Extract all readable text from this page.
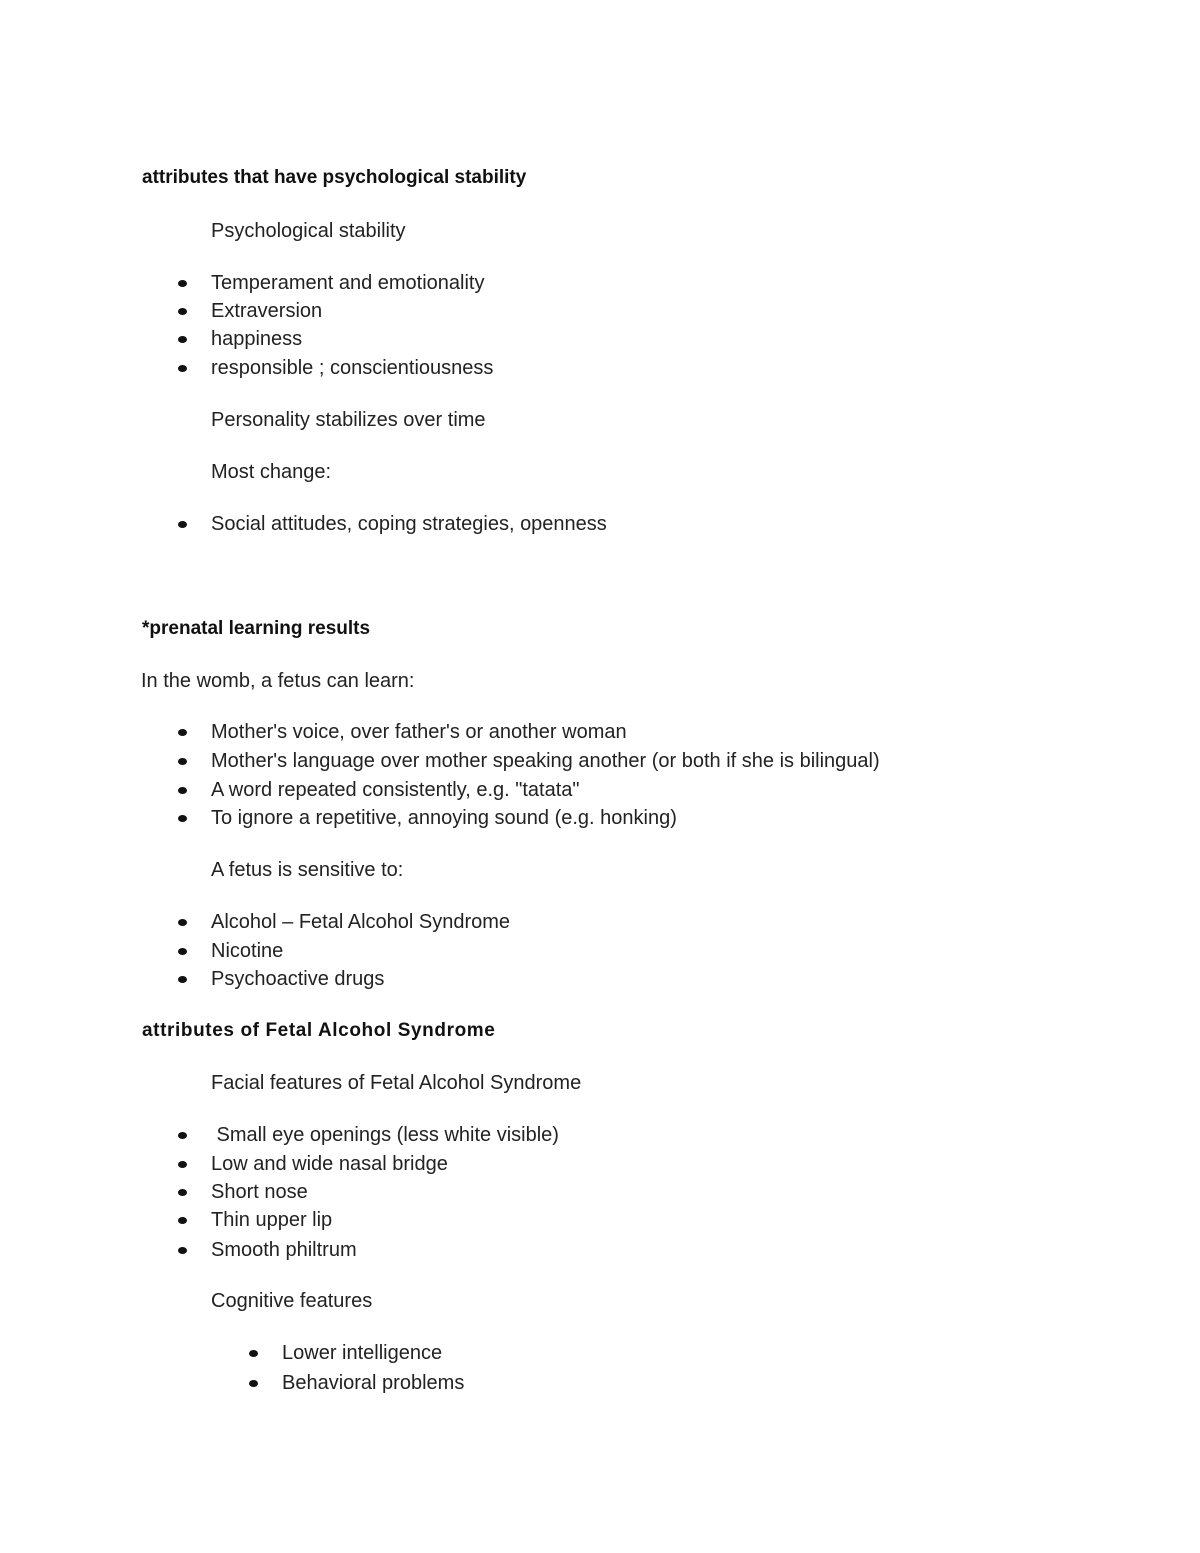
attributes that have psychological stability
Psychological stability
Temperament and emotionality
Extraversion
happiness
responsible ; conscientiousness
Personality stabilizes over time
Most change:
Social attitudes, coping strategies, openness
*prenatal learning results
In the womb, a fetus can learn:
Mother's voice, over father's or another woman
Mother's language over mother speaking another (or both if she is bilingual)
A word repeated consistently, e.g. "tatata"
To ignore a repetitive, annoying sound (e.g. honking)
A fetus is sensitive to:
Alcohol – Fetal Alcohol Syndrome
Nicotine
Psychoactive drugs
attributes of Fetal Alcohol Syndrome
Facial features of Fetal Alcohol Syndrome
Small eye openings (less white visible)
Low and wide nasal bridge
Short nose
Thin upper lip
Smooth philtrum
Cognitive features
Lower intelligence
Behavioral problems
